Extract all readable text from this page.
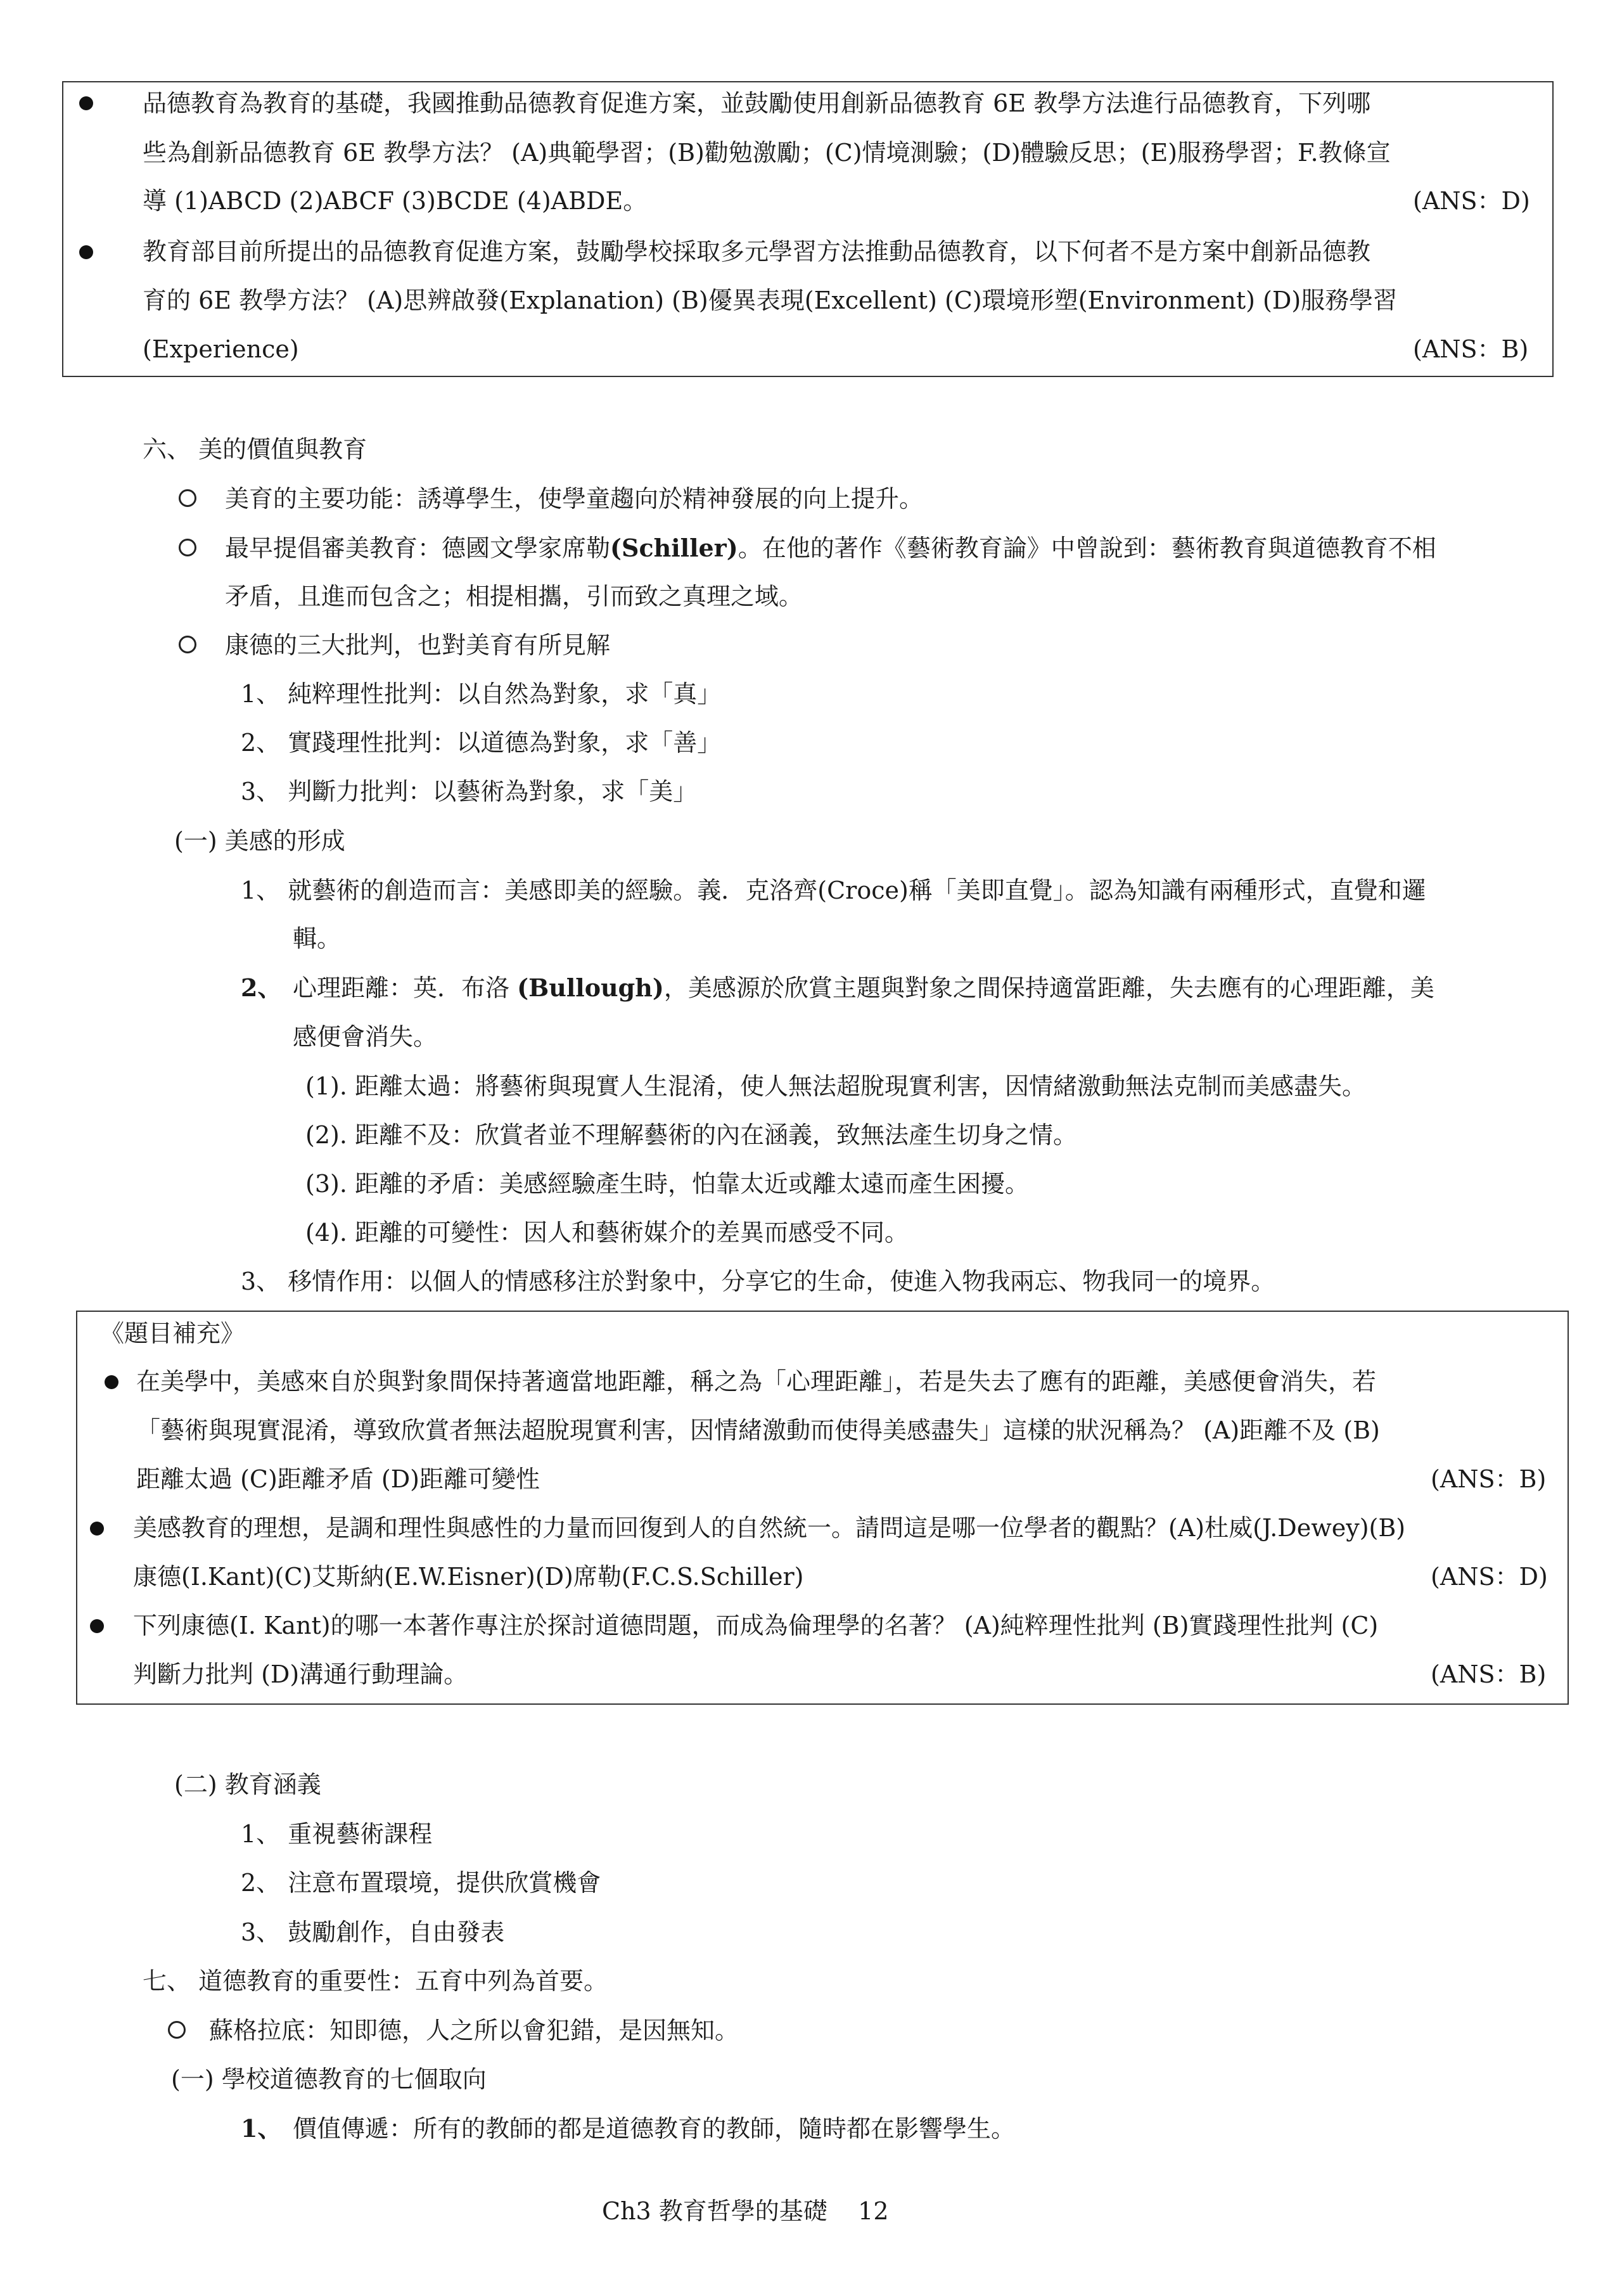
品德教育為教育的基礎，我國推動品德教育促進方案，並鼓勵使用創新品德教育 6E 教學方法進行品德教育，下列哪
些為創新品德教育 6E 教學方法？ (A)典範學習；(B)勸勉激勵；(C)情境測驗；(D)體驗反思；(E)服務學習；F.教條宣
導 (1)ABCD (2)ABCF (3)BCDE (4)ABDE。	(ANS：D)
教育部目前所提出的品德教育促進方案，鼓勵學校採取多元學習方法推動品德教育，以下何者不是方案中創新品德教
育的 6E 教學方法？ (A)思辨啟發(Explanation) (B)優異表現(Excellent) (C)環境形塑(Environment) (D)服務學習
(Experience)	(ANS：B)
六、 美的價值與教育
美育的主要功能：誘導學生，使學童趨向於精神發展的向上提升。
最早提倡審美教育：德國文學家席勒(Schiller)。在他的著作《藝術教育論》中曾說到：藝術教育與道德教育不相
矛盾，且進而包含之；相提相攜，引而致之真理之域。
康德的三大批判，也對美育有所見解
1、 純粹理性批判：以自然為對象，求「真」
2、 實踐理性批判：以道德為對象，求「善」
3、 判斷力批判：以藝術為對象，求「美」
(一) 美感的形成
1、 就藝術的創造而言：美感即美的經驗。義．克洛齊(Croce)稱「美即直覺」。認為知識有兩種形式，直覺和邏
輯。
2、 心理距離：英．布洛 (Bullough)，美感源於欣賞主題與對象之間保持適當距離，失去應有的心理距離，美
感便會消失。
(1). 距離太過：將藝術與現實人生混淆，使人無法超脫現實利害，因情緒激動無法克制而美感盡失。
(2). 距離不及：欣賞者並不理解藝術的內在涵義，致無法產生切身之情。
(3). 距離的矛盾：美感經驗產生時，怕靠太近或離太遠而產生困擾。
(4). 距離的可變性：因人和藝術媒介的差異而感受不同。
3、 移情作用：以個人的情感移注於對象中，分享它的生命，使進入物我兩忘、物我同一的境界。
《題目補充》
在美學中，美感來自於與對象間保持著適當地距離，稱之為「心理距離」，若是失去了應有的距離，美感便會消失，若
「藝術與現實混淆，導致欣賞者無法超脫現實利害，因情緒激動而使得美感盡失」這樣的狀況稱為？ (A)距離不及 (B)
距離太過 (C)距離矛盾 (D)距離可變性	(ANS：B)
美感教育的理想，是調和理性與感性的力量而回復到人的自然統一。請問這是哪一位學者的觀點？(A)杜威(J.Dewey)(B)
康德(I.Kant)(C)艾斯納(E.W.Eisner)(D)席勒(F.C.S.Schiller)	(ANS：D)
下列康德(I. Kant)的哪一本著作專注於探討道德問題，而成為倫理學的名著？ (A)純粹理性批判 (B)實踐理性批判 (C)
判斷力批判 (D)溝通行動理論。	(ANS：B)
(二) 教育涵義
1、 重視藝術課程
2、 注意布置環境，提供欣賞機會
3、 鼓勵創作，自由發表
七、 道德教育的重要性：五育中列為首要。
蘇格拉底：知即德，人之所以會犯錯，是因無知。
(一) 學校道德教育的七個取向
1、 價值傳遞：所有的教師的都是道德教育的教師，隨時都在影響學生。
Ch3 教育哲學的基礎 12
